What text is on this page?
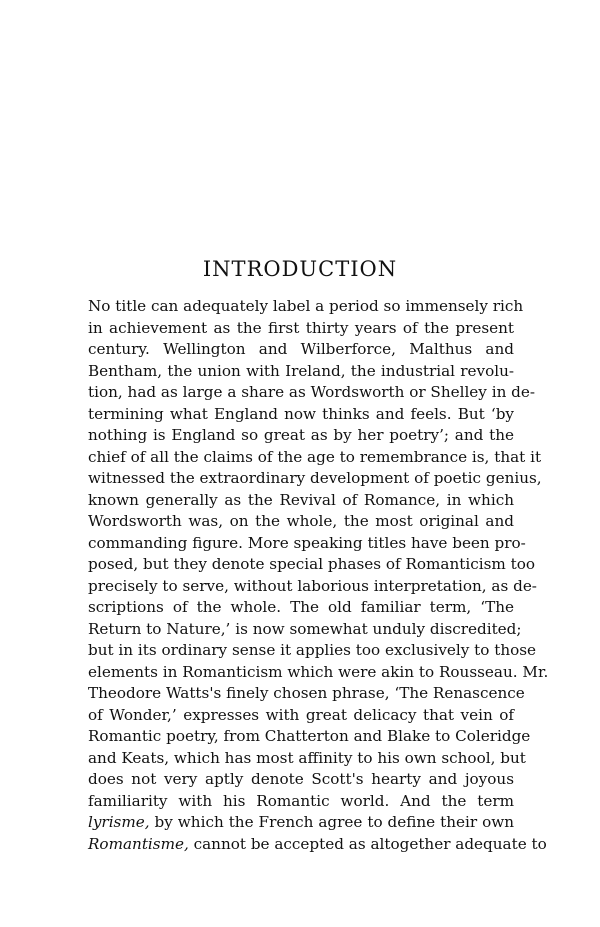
INTRODUCTION
No title can adequately label a period so immensely rich
in achievement as the first thirty years of the present
century. Wellington and Wilberforce, Malthus and
Bentham, the union with Ireland, the industrial revolu-
tion, had as large a share as Wordsworth or Shelley in de-
termining what England now thinks and feels. But ‘by
nothing is England so great as by her poetry’; and the
chief of all the claims of the age to remembrance is, that it
witnessed the extraordinary development of poetic genius,
known generally as the Revival of Romance, in which
Wordsworth was, on the whole, the most original and
commanding figure. More speaking titles have been pro-
posed, but they denote special phases of Romanticism too
precisely to serve, without laborious interpretation, as de-
scriptions of the whole. The old familiar term, ‘The
Return to Nature,’ is now somewhat unduly discredited;
but in its ordinary sense it applies too exclusively to those
elements in Romanticism which were akin to Rousseau. Mr.
Theodore Watts's finely chosen phrase, ‘The Renascence
of Wonder,’ expresses with great delicacy that vein of
Romantic poetry, from Chatterton and Blake to Coleridge
and Keats, which has most affinity to his own school, but
does not very aptly denote Scott's hearty and joyous
familiarity with his Romantic world. And the term
lyrisme, by which the French agree to define their own
Romantisme, cannot be accepted as altogether adequate to
